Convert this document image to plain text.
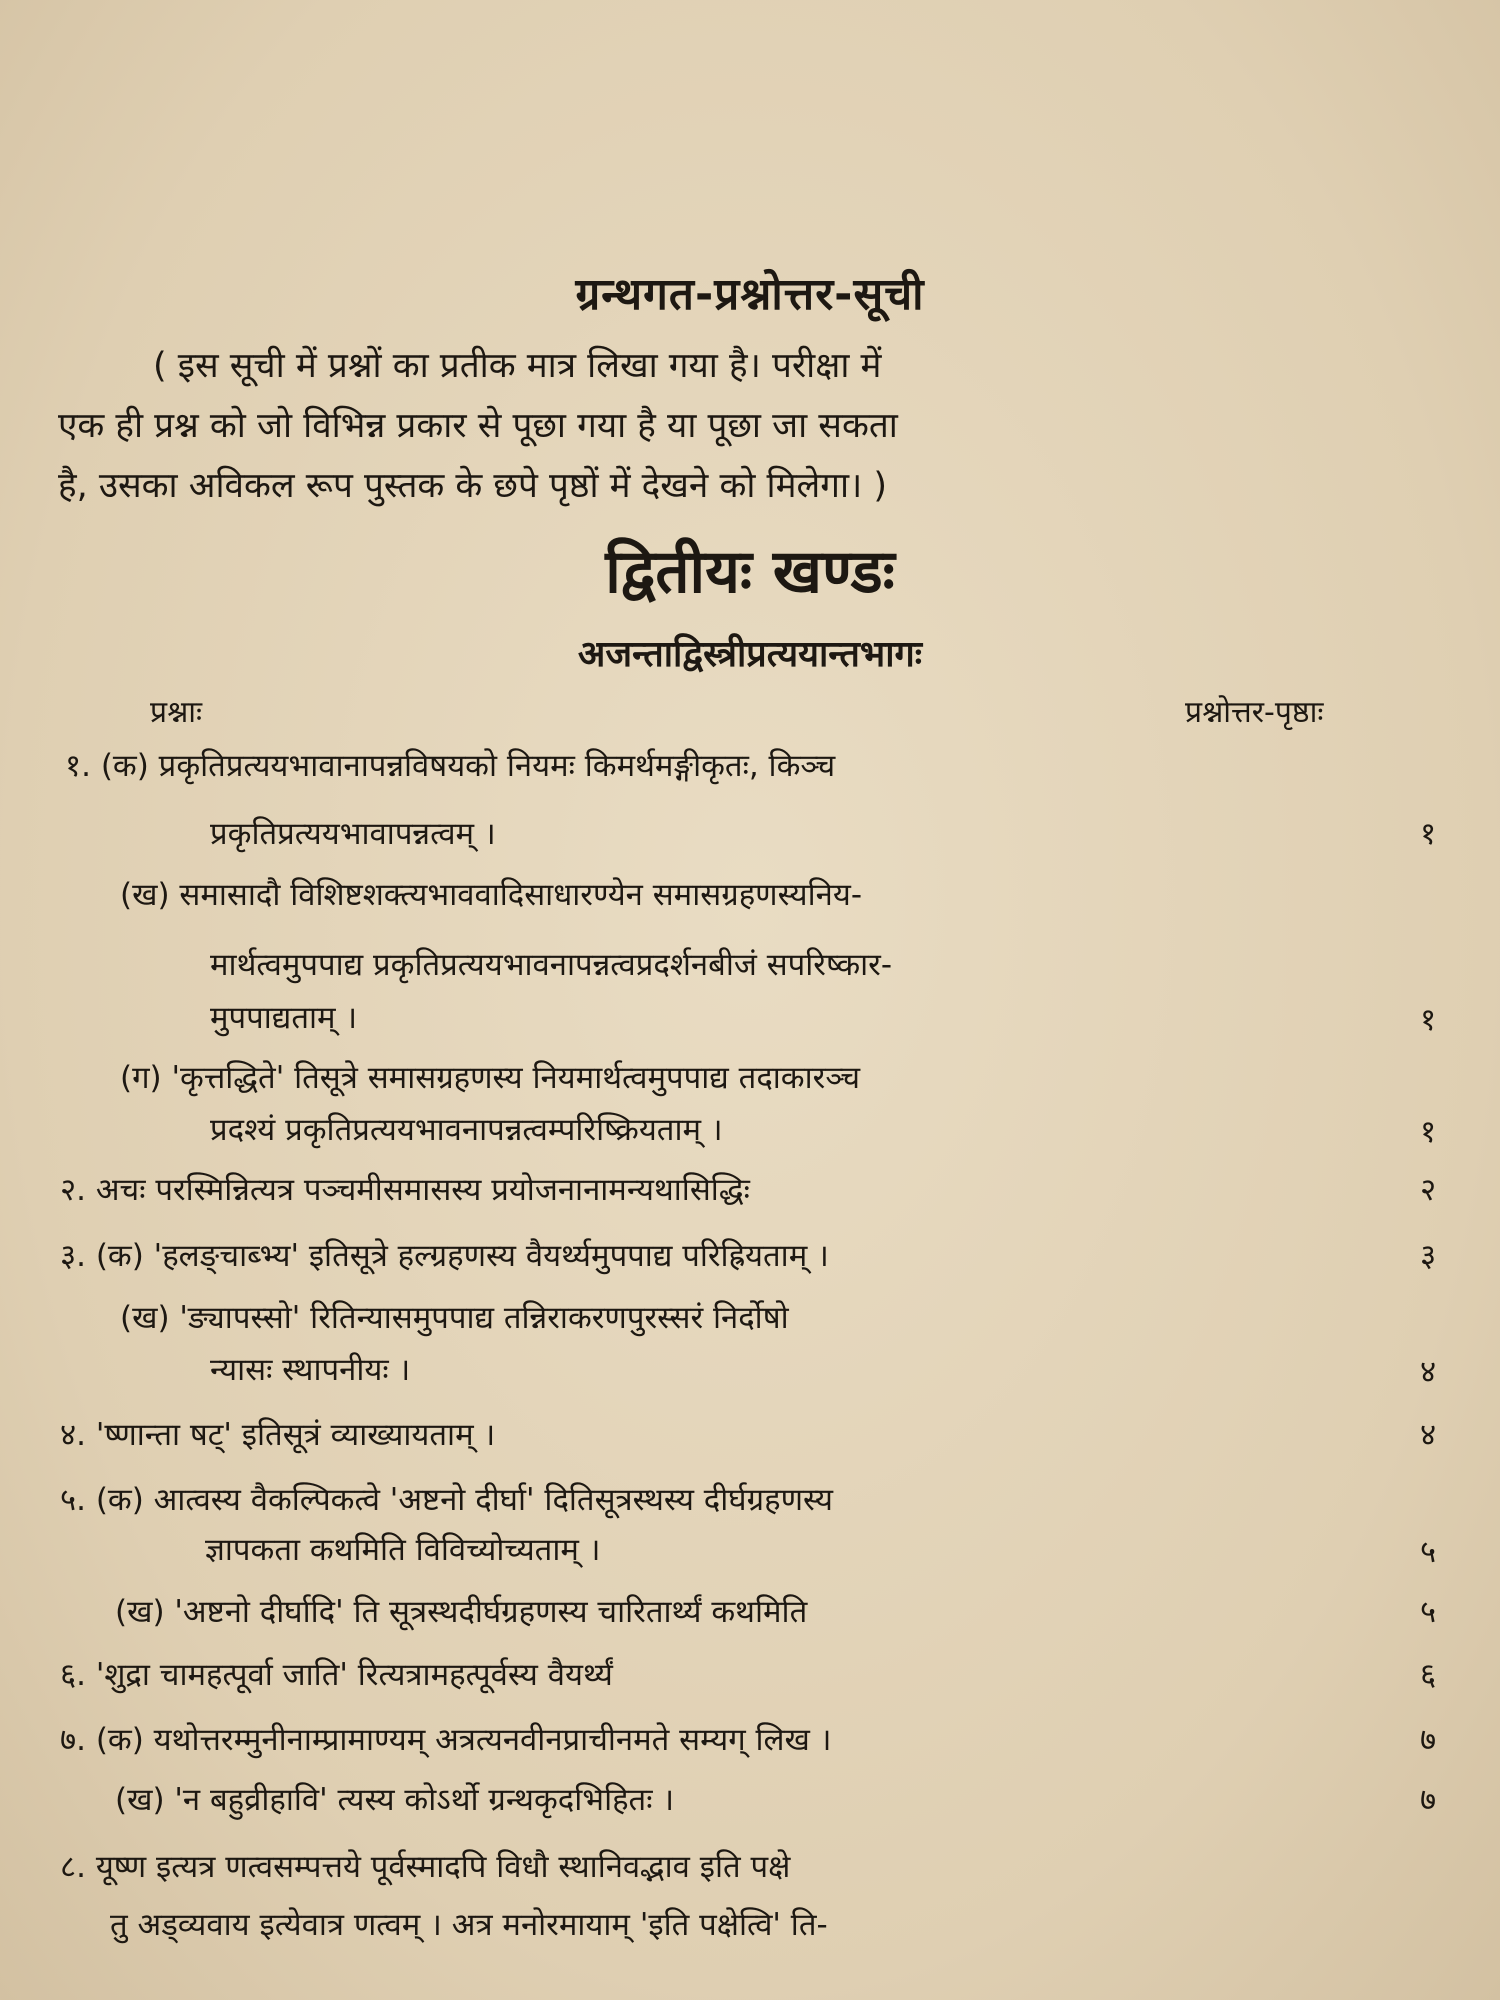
ग्रन्थगत-प्रश्नोत्तर-सूची

( इस सूची में प्रश्नों का प्रतीक मात्र लिखा गया है। परीक्षा में

एक ही प्रश्न को जो विभिन्न प्रकार से पूछा गया है या पूछा जा सकता

है, उसका अविकल रूप पुस्तक के छपे पृष्ठों में देखने को मिलेगा। )

द्वितीयः खण्डः
अजन्ताद्विस्त्रीप्रत्ययान्तभागः
प्रश्नाः	प्रश्नोत्तर-पृष्ठाः
१. (क) प्रकृतिप्रत्ययभावानापन्नविषयको नियमः किमर्थमङ्गीकृतः, किञ्च
प्रकृतिप्रत्ययभावापन्नत्वम् ।	१
(ख) समासादौ विशिष्टशक्त्यभाववादिसाधारण्येन समासग्रहणस्यनिय-
मार्थत्वमुपपाद्य प्रकृतिप्रत्ययभावनापन्नत्वप्रदर्शनबीजं सपरिष्कार-
मुपपाद्यताम् ।	१
(ग) 'कृत्तद्धिते' तिसूत्रे समासग्रहणस्य नियमार्थत्वमुपपाद्य तदाकारञ्च
प्रदश्यं प्रकृतिप्रत्ययभावनापन्नत्वम्परिष्क्रियताम् ।	१
२. अचः परस्मिन्नित्यत्र पञ्चमीसमासस्य प्रयोजनानामन्यथासिद्धिः	२
३. (क) 'हलङ्चाब्भ्य' इतिसूत्रे हल्ग्रहणस्य वैयर्थ्यमुपपाद्य परिह्रियताम् ।	३
(ख) 'ङ्यापस्सो' रितिन्यासमुपपाद्य तन्निराकरणपुरस्सरं निर्दोषो
न्यासः स्थापनीयः ।	४
४. 'ष्णान्ता षट्' इतिसूत्रं व्याख्यायताम् ।	४
५. (क) आत्वस्य वैकल्पिकत्वे 'अष्टनो दीर्घा' दितिसूत्रस्थस्य दीर्घग्रहणस्य
ज्ञापकता कथमिति विविच्योच्यताम् ।	५
(ख) 'अष्टनो दीर्घादि' ति सूत्रस्थदीर्घग्रहणस्य चारितार्थ्यं कथमिति	५
६. 'शुद्रा चामहत्पूर्वा जाति' रित्यत्रामहत्पूर्वस्य वैयर्थ्यं	६
७. (क) यथोत्तरम्मुनीनाम्प्रामाण्यम् अत्रत्यनवीनप्राचीनमते सम्यग् लिख ।	७
(ख) 'न बहुव्रीहावि' त्यस्य कोऽर्थो ग्रन्थकृदभिहितः ।	७
८. यूष्ण इत्यत्र णत्वसम्पत्तये पूर्वस्मादपि विधौ स्थानिवद्भाव इति पक्षे
तु अड्व्यवाय इत्येवात्र णत्वम् । अत्र मनोरमायाम् 'इति पक्षेत्वि' ति-
